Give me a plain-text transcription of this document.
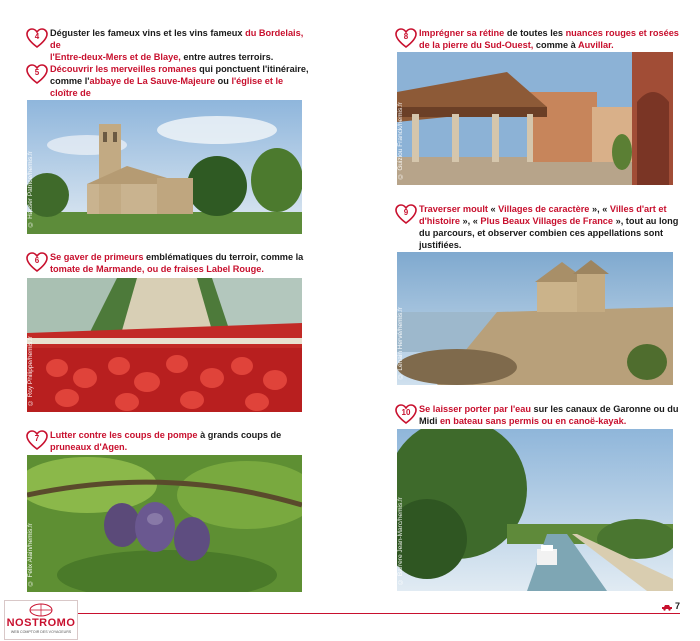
4	Déguster les fameux vins et les vins fameux du Bordelais, de
l'Entre-deux-Mers et de Blaye, entre autres terroirs.
5	Découvrir les merveilles romanes qui ponctuent l'itinéraire,
comme l'abbaye de La Sauve-Majeure ou l'église et le cloître de
© Hauser Patrice/hemis.fr
6	Se gaver de primeurs emblématiques du terroir, comme la
tomate de Marmande, ou de fraises Label Rouge.
© Roy Philippe/hemis.fr
7	Lutter contre les coups de pompe à grands coups de
pruneaux d'Agen.
© Felix Alain/hemis.fr
8	Imprégner sa rétine de toutes les nuances rouges et rosées
de la pierre du Sud-Ouest, comme à Auvillar.
© Guiziou Franck/hemis.fr
9	Traverser moult « Villages de caractère », « Villes d'art et
d'histoire », « Plus Beaux Villages de France », tout au long
du parcours, et observer combien ces appellations sont
justifiées.
© Lenain Hervé/hemis.fr
10 Se laisser porter par l'eau sur les canaux de Garonne ou du
Midi en bateau sans permis ou en canoë-kayak.
© Barrere Jean-Marc/hemis.fr
NOSTROMO
WEB COMPTOIR DES VOYAGEURS
7
